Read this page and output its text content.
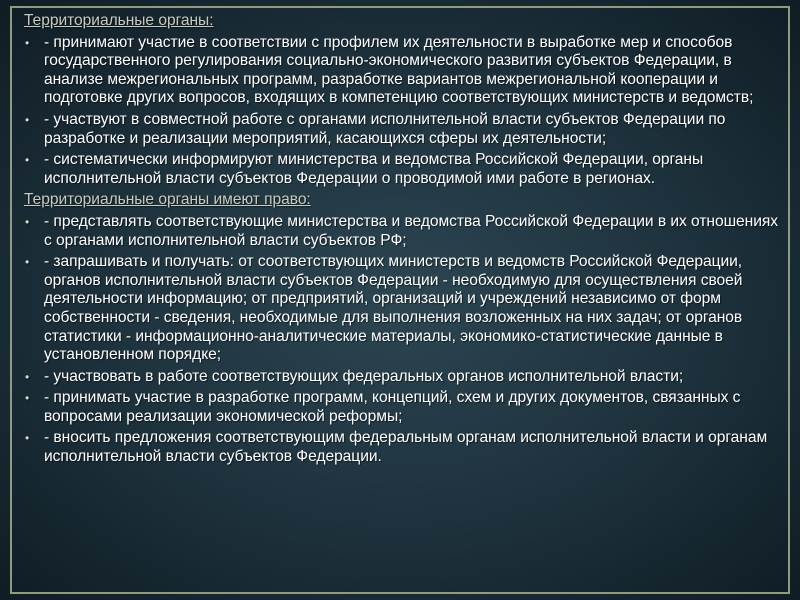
Территориальные органы:

• - принимают участие в соответствии с профилем их деятельности в выработке мер и способов государственного регулирования социально-экономического развития субъектов Федерации, в анализе межрегиональных программ, разработке вариантов межрегиональной кооперации и подготовке других вопросов, входящих в компетенцию соответствующих министерств и ведомств;
• - участвуют в совместной работе с органами исполнительной власти субъектов Федерации по разработке и реализации мероприятий, касающихся сферы их деятельности;
• - систематически информируют министерства и ведомства Российской Федерации, органы исполнительной власти субъектов Федерации о проводимой ими работе в регионах.

Территориальные органы имеют право:

• - представлять соответствующие министерства и ведомства Российской Федерации в их отношениях с органами исполнительной власти субъектов РФ;
• - запрашивать и получать: от соответствующих министерств и ведомств Российской Федерации, органов исполнительной власти субъектов Федерации - необходимую для осуществления своей деятельности информацию; от предприятий, организаций и учреждений независимо от форм собственности - сведения, необходимые для выполнения возложенных на них задач; от органов статистики - информационно-аналитические материалы, экономико-статистические данные в установленном порядке;
• - участвовать в работе соответствующих федеральных органов исполнительной власти;
• - принимать участие в разработке программ, концепций, схем и других документов, связанных с вопросами реализации экономической реформы;
• - вносить предложения соответствующим федеральным органам исполнительной власти и органам исполнительной власти субъектов Федерации.
